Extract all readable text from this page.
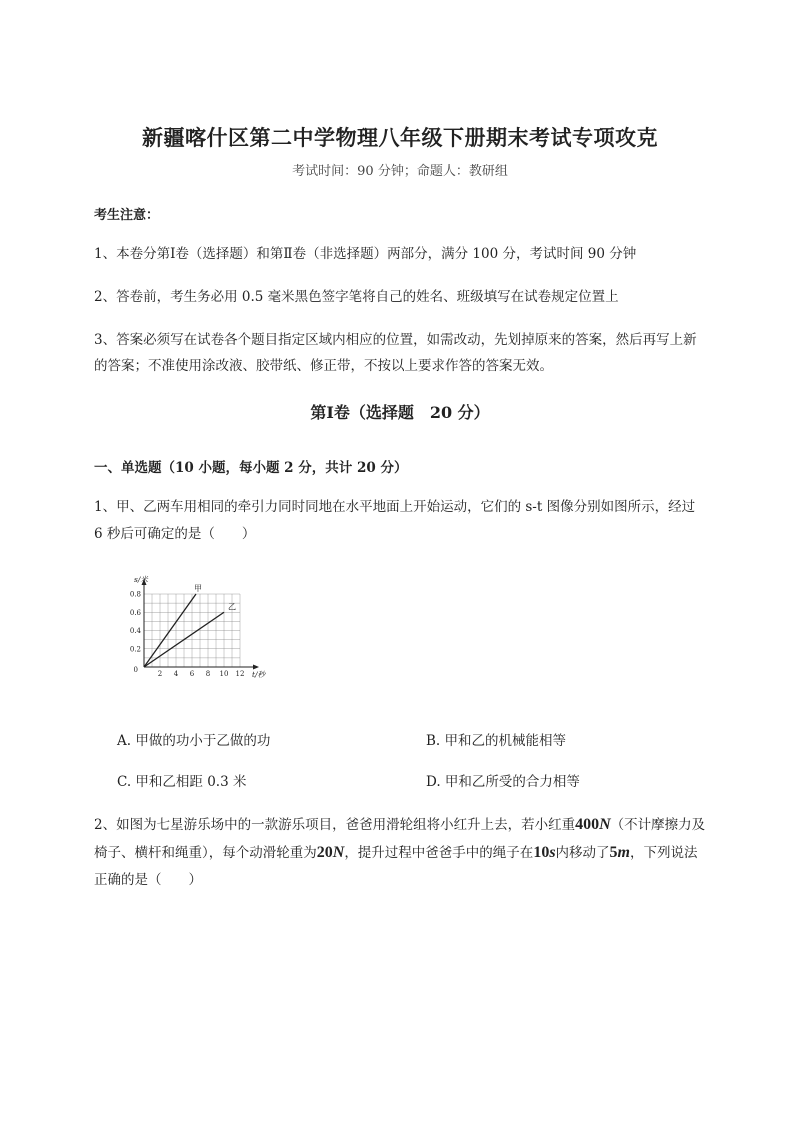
新疆喀什区第二中学物理八年级下册期末考试专项攻克
考试时间：90 分钟；命题人：教研组
考生注意：
1、本卷分第Ⅰ卷（选择题）和第Ⅱ卷（非选择题）两部分，满分 100 分，考试时间 90 分钟
2、答卷前，考生务必用 0.5 毫米黑色签字笔将自己的姓名、班级填写在试卷规定位置上
3、答案必须写在试卷各个题目指定区域内相应的位置，如需改动，先划掉原来的答案，然后再写上新的答案；不准使用涂改液、胶带纸、修正带，不按以上要求作答的答案无效。
第Ⅰ卷（选择题　20 分）
一、单选题（10 小题，每小题 2 分，共计 20 分）
1、甲、乙两车用相同的牵引力同时同地在水平地面上开始运动，它们的 s-t 图像分别如图所示，经过 6 秒后可确定的是（　　）
2 4 6 8 10 12
0.2
0.4
0.6
0.8
0
s/米
t/秒
甲
乙
A. 甲做的功小于乙做的功	B. 甲和乙的机械能相等
C. 甲和乙相距 0.3 米	D. 甲和乙所受的合力相等
2、如图为七星游乐场中的一款游乐项目，爸爸用滑轮组将小红升上去，若小红重400N（不计摩擦力及椅子、横杆和绳重），每个动滑轮重为20N，提升过程中爸爸手中的绳子在10s内移动了5m，下列说法正确的是（　　）
